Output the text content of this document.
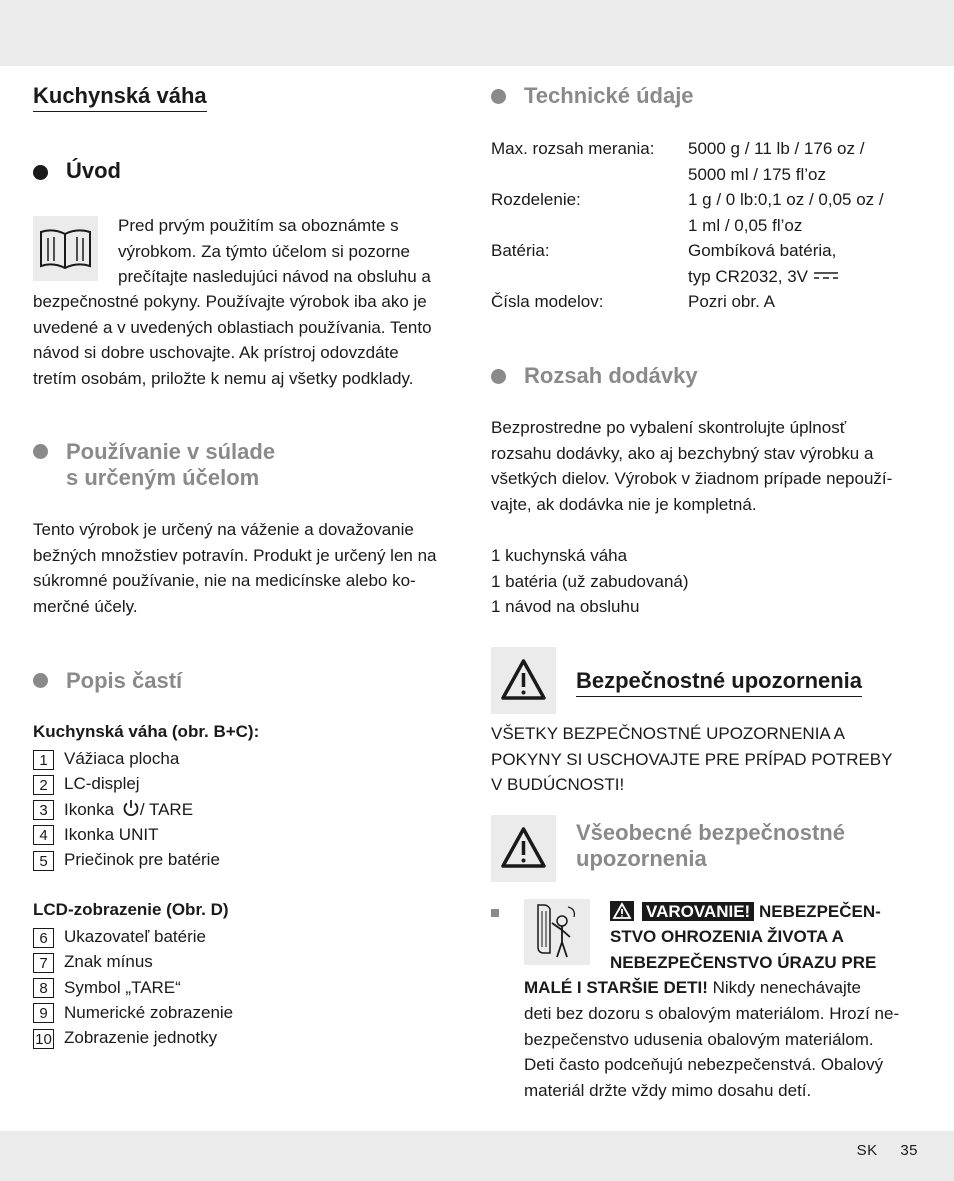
Kuchynská váha
Úvod
Pred prvým použitím sa oboznámte s
výrobkom. Za týmto účelom si pozorne
prečítajte nasledujúci návod na obsluhu a
bezpečnostné pokyny. Používajte výrobok iba ako je
uvedené a v uvedených oblastiach používania. Tento
návod si dobre uschovajte. Ak prístroj odovzdáte
tretím osobám, priložte k nemu aj všetky podklady.
Používanie v súlade
s určeným účelom
Tento výrobok je určený na váženie a dovažovanie
bežných množstiev potravín. Produkt je určený len na
súkromné používanie, nie na medicínske alebo ko-
merčné účely.
Popis častí
Kuchynská váha (obr. B+C):
1 Vážiaca plocha
2 LC-displej
3 Ikonka / TARE
4 Ikonka UNIT
5 Priečinok pre batérie
LCD-zobrazenie (Obr. D)
6 Ukazovateľ batérie
7 Znak mínus
8 Symbol „TARE“
9 Numerické zobrazenie
10 Zobrazenie jednotky
Technické údaje
Max. rozsah merania:	5000 g / 11 lb / 176 oz /
	5000 ml / 175 fl’oz
Rozdelenie:	1 g / 0 lb:0,1 oz / 0,05 oz /
	1 ml / 0,05 fl’oz
Batéria:	Gombíková batéria,
	typ CR2032, 3V
Čísla modelov:	Pozri obr. A
Rozsah dodávky
Bezprostredne po vybalení skontrolujte úplnosť
rozsahu dodávky, ako aj bezchybný stav výrobku a
všetkých dielov. Výrobok v žiadnom prípade nepouží-
vajte, ak dodávka nie je kompletná.
1 kuchynská váha
1 batéria (už zabudovaná)
1 návod na obsluhu
Bezpečnostné upozornenia
VŠETKY BEZPEČNOSTNÉ UPOZORNENIA A
POKYNY SI USCHOVAJTE PRE PRÍPAD POTREBY
V BUDÚCNOSTI!
Všeobecné bezpečnostné
upozornenia
VAROVANIE! NEBEZPEČEN-
STVO OHROZENIA ŽIVOTA A
NEBEZPEČENSTVO ÚRAZU PRE
MALÉ I STARŠIE DETI! Nikdy nenechávajte
deti bez dozoru s obalovým materiálom. Hrozí ne-
bezpečenstvo udusenia obalovým materiálom.
Deti často podceňujú nebezpečenstvá. Obalový
materiál držte vždy mimo dosahu detí.
SK 35
